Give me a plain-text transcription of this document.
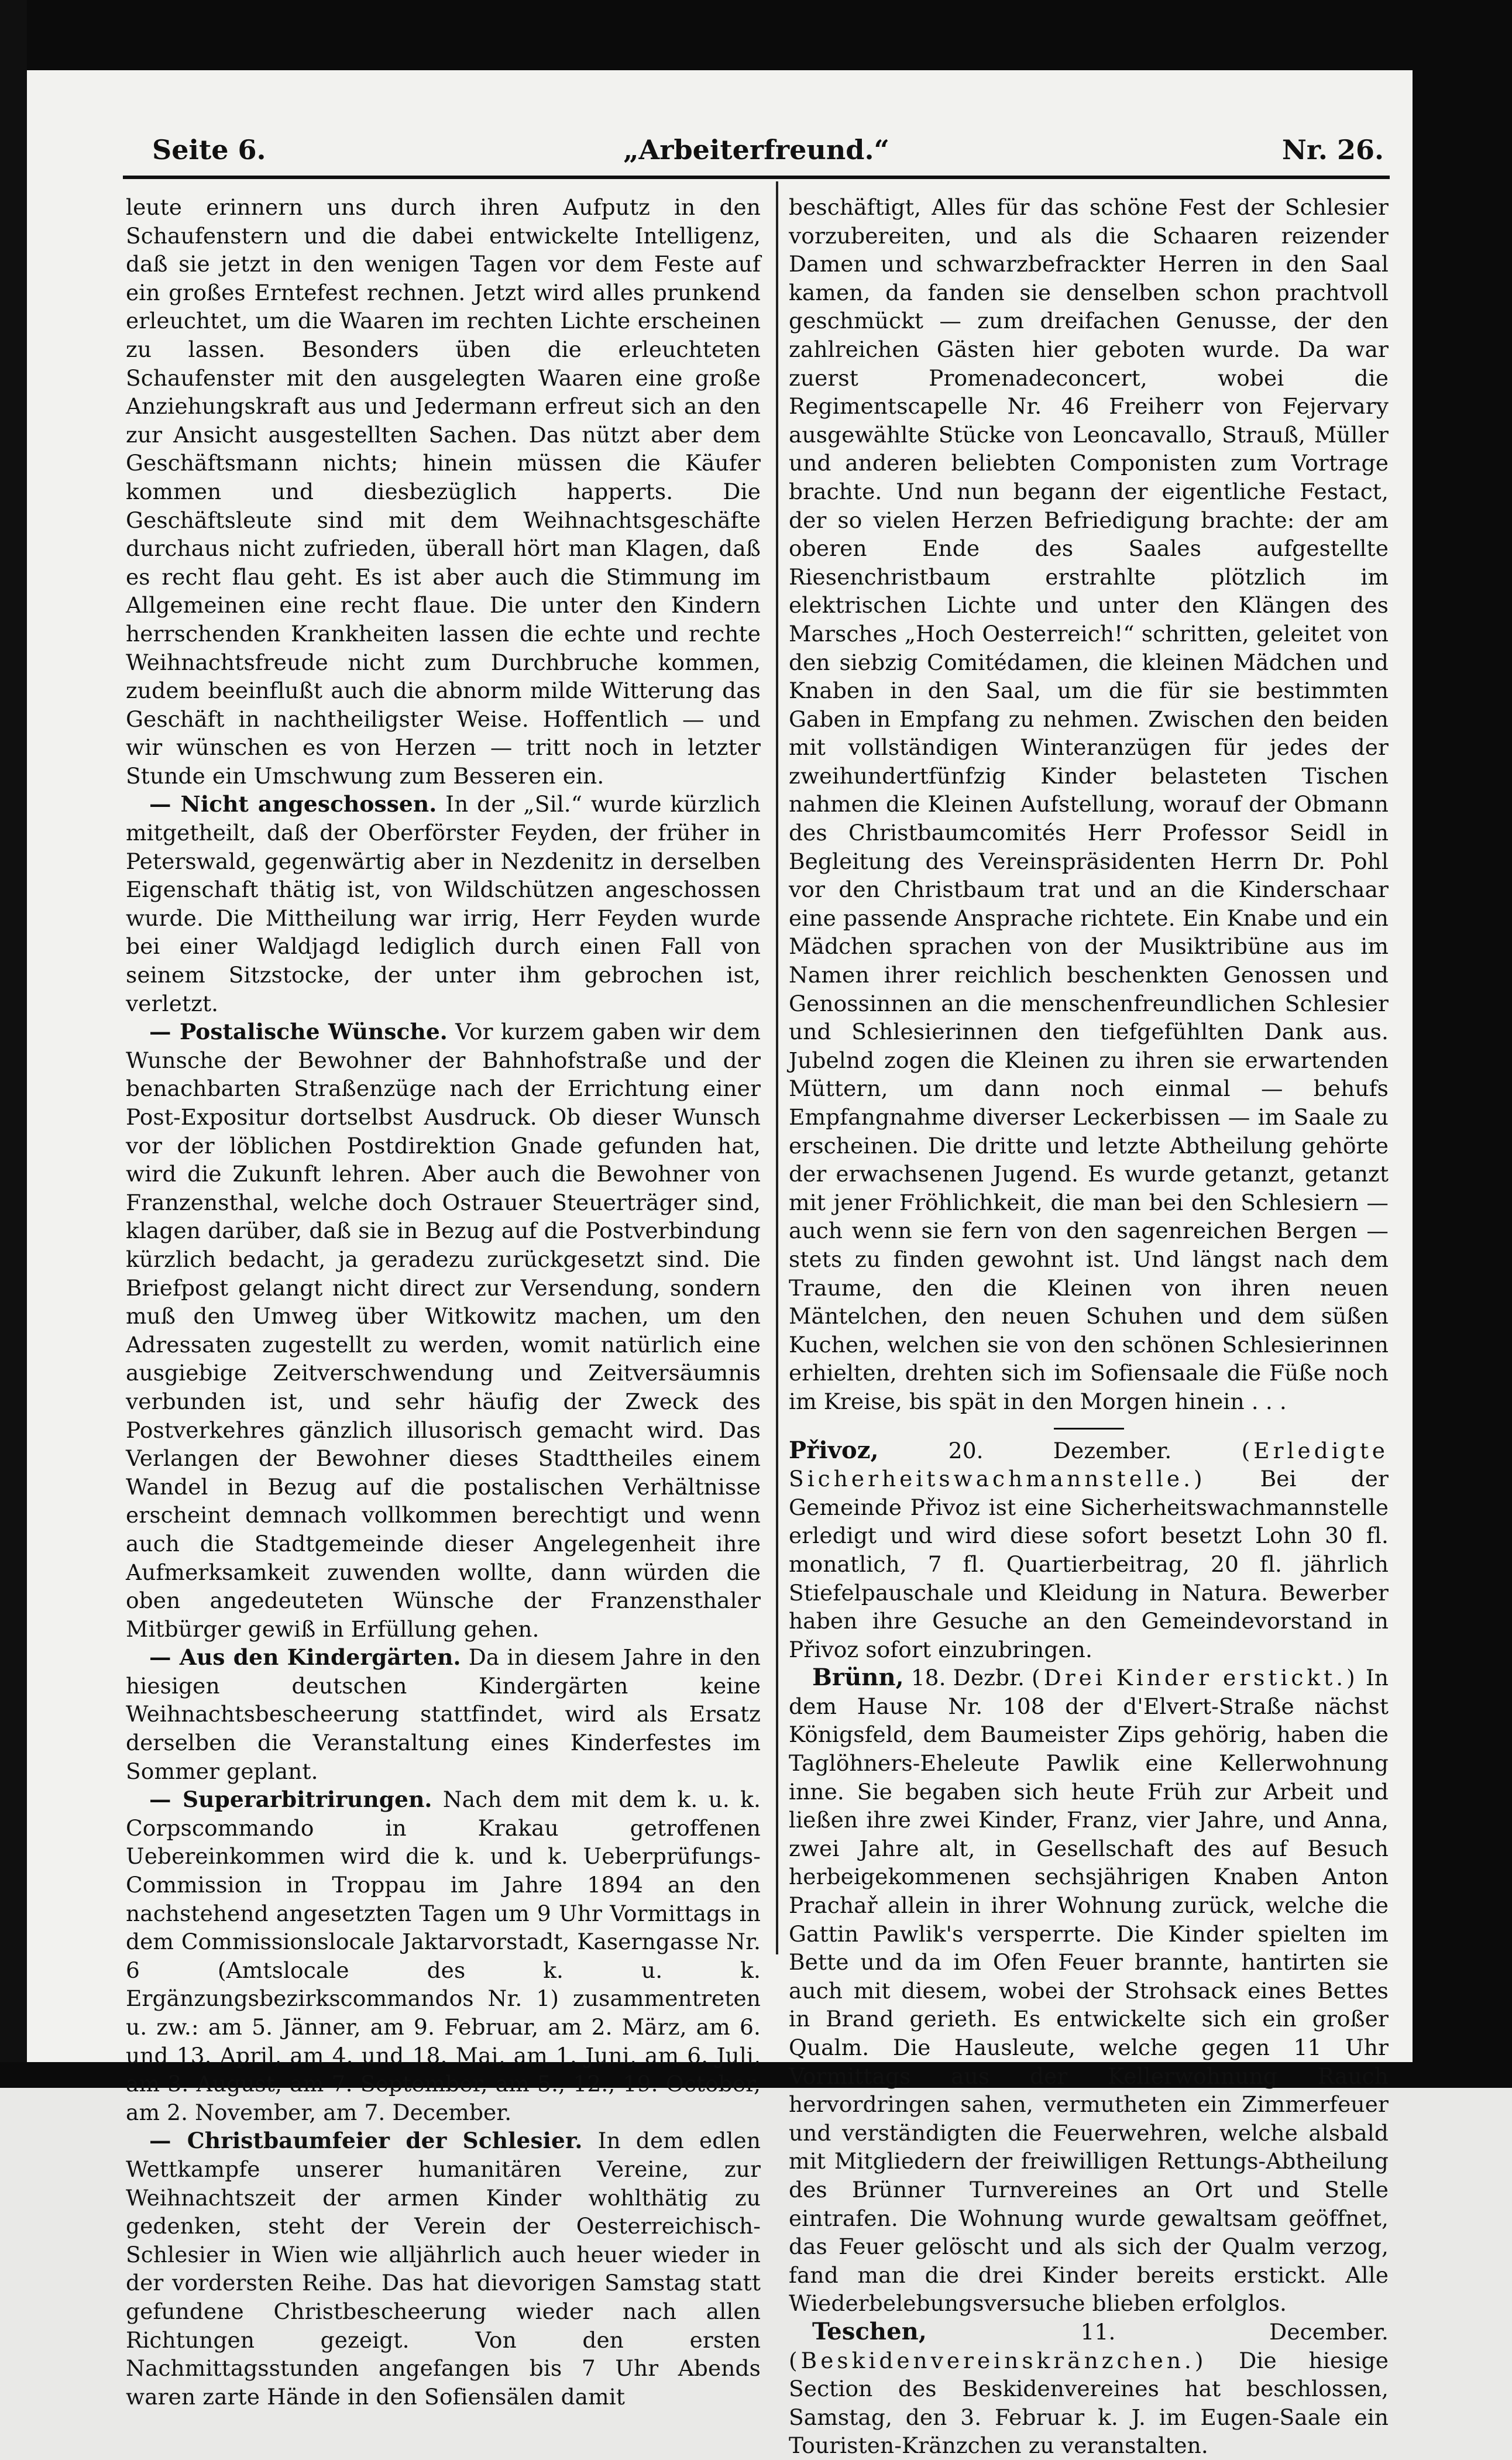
Seite 6.	„Arbeiterfreund.“	Nr. 26.

leute erinnern uns durch ihren Aufputz in den Schaufenstern und die dabei entwickelte Intelligenz, daß sie jetzt in den wenigen Tagen vor dem Feste auf ein großes Erntefest rechnen. Jetzt wird alles prunkend erleuchtet, um die Waaren im rechten Lichte erscheinen zu lassen. Besonders üben die erleuchteten Schaufenster mit den ausgelegten Waaren eine große Anziehungskraft aus und Jedermann erfreut sich an den zur Ansicht ausgestellten Sachen. Das nützt aber dem Geschäftsmann nichts; hinein müssen die Käufer kommen und diesbezüglich happerts. Die Geschäftsleute sind mit dem Weihnachtsgeschäfte durchaus nicht zufrieden, überall hört man Klagen, daß es recht flau geht. Es ist aber auch die Stimmung im Allgemeinen eine recht flaue. Die unter den Kindern herrschenden Krankheiten lassen die echte und rechte Weihnachtsfreude nicht zum Durchbruche kommen, zudem beeinflußt auch die abnorm milde Witterung das Geschäft in nachtheiligster Weise. Hoffentlich — und wir wünschen es von Herzen — tritt noch in letzter Stunde ein Umschwung zum Besseren ein.

— Nicht angeschossen. In der „Sil.“ wurde kürzlich mitgetheilt, daß der Oberförster Feyden, der früher in Peterswald, gegenwärtig aber in Nezdenitz in derselben Eigenschaft thätig ist, von Wildschützen angeschossen wurde. Die Mittheilung war irrig, Herr Feyden wurde bei einer Waldjagd lediglich durch einen Fall von seinem Sitzstocke, der unter ihm gebrochen ist, verletzt.

— Postalische Wünsche. Vor kurzem gaben wir dem Wunsche der Bewohner der Bahnhofstraße und der benachbarten Straßenzüge nach der Errichtung einer Post-Expositur dortselbst Ausdruck. Ob dieser Wunsch vor der löblichen Postdirektion Gnade gefunden hat, wird die Zukunft lehren. Aber auch die Bewohner von Franzensthal, welche doch Ostrauer Steuerträger sind, klagen darüber, daß sie in Bezug auf die Postverbindung kürzlich bedacht, ja geradezu zurückgesetzt sind. Die Briefpost gelangt nicht direct zur Versendung, sondern muß den Umweg über Witkowitz machen, um den Adressaten zugestellt zu werden, womit natürlich eine ausgiebige Zeitverschwendung und Zeitversäumnis verbunden ist, und sehr häufig der Zweck des Postverkehres gänzlich illusorisch gemacht wird. Das Verlangen der Bewohner dieses Stadttheiles einem Wandel in Bezug auf die postalischen Verhältnisse erscheint demnach vollkommen berechtigt und wenn auch die Stadtgemeinde dieser Angelegenheit ihre Aufmerksamkeit zuwenden wollte, dann würden die oben angedeuteten Wünsche der Franzensthaler Mitbürger gewiß in Erfüllung gehen.

— Aus den Kindergärten. Da in diesem Jahre in den hiesigen deutschen Kindergärten keine Weihnachtsbescheerung stattfindet, wird als Ersatz derselben die Veranstaltung eines Kinderfestes im Sommer geplant.

— Superarbitrirungen. Nach dem mit dem k. u. k. Corpscommando in Krakau getroffenen Uebereinkommen wird die k. und k. Ueberprüfungs-Commission in Troppau im Jahre 1894 an den nachstehend angesetzten Tagen um 9 Uhr Vormittags in dem Commissionslocale Jaktarvorstadt, Kaserngasse Nr. 6 (Amtslocale des k. u. k. Ergänzungsbezirkscommandos Nr. 1) zusammentreten u. zw.: am 5. Jänner, am 9. Februar, am 2. März, am 6. und 13. April, am 4. und 18. Mai, am 1. Juni, am 6. Juli, am 3. August, am 7. September, am 5., 12., 19. October, am 2. November, am 7. December.

— Christbaumfeier der Schlesier. In dem edlen Wettkampfe unserer humanitären Vereine, zur Weihnachtszeit der armen Kinder wohlthätig zu gedenken, steht der Verein der Oesterreichisch-Schlesier in Wien wie alljährlich auch heuer wieder in der vordersten Reihe. Das hat dievorigen Samstag statt gefundene Christbescheerung wieder nach allen Richtungen gezeigt. Von den ersten Nachmittagsstunden angefangen bis 7 Uhr Abends waren zarte Hände in den Sofiensälen damit

beschäftigt, Alles für das schöne Fest der Schlesier vorzubereiten, und als die Schaaren reizender Damen und schwarzbefrackter Herren in den Saal kamen, da fanden sie denselben schon prachtvoll geschmückt — zum dreifachen Genusse, der den zahlreichen Gästen hier geboten wurde. Da war zuerst Promenadeconcert, wobei die Regimentscapelle Nr. 46 Freiherr von Fejervary ausgewählte Stücke von Leoncavallo, Strauß, Müller und anderen beliebten Componisten zum Vortrage brachte. Und nun begann der eigentliche Festact, der so vielen Herzen Befriedigung brachte: der am oberen Ende des Saales aufgestellte Riesenchristbaum erstrahlte plötzlich im elektrischen Lichte und unter den Klängen des Marsches „Hoch Oesterreich!“ schritten, geleitet von den siebzig Comitédamen, die kleinen Mädchen und Knaben in den Saal, um die für sie bestimmten Gaben in Empfang zu nehmen. Zwischen den beiden mit vollständigen Winteranzügen für jedes der zweihundertfünfzig Kinder belasteten Tischen nahmen die Kleinen Aufstellung, worauf der Obmann des Christbaumcomités Herr Professor Seidl in Begleitung des Vereinspräsidenten Herrn Dr. Pohl vor den Christbaum trat und an die Kinderschaar eine passende Ansprache richtete. Ein Knabe und ein Mädchen sprachen von der Musiktribüne aus im Namen ihrer reichlich beschenkten Genossen und Genossinnen an die menschenfreundlichen Schlesier und Schlesierinnen den tiefgefühlten Dank aus. Jubelnd zogen die Kleinen zu ihren sie erwartenden Müttern, um dann noch einmal — behufs Empfangnahme diverser Leckerbissen — im Saale zu erscheinen. Die dritte und letzte Abtheilung gehörte der erwachsenen Jugend. Es wurde getanzt, getanzt mit jener Fröhlichkeit, die man bei den Schlesiern — auch wenn sie fern von den sagenreichen Bergen — stets zu finden gewohnt ist. Und längst nach dem Traume, den die Kleinen von ihren neuen Mäntelchen, den neuen Schuhen und dem süßen Kuchen, welchen sie von den schönen Schlesierinnen erhielten, drehten sich im Sofiensaale die Füße noch im Kreise, bis spät in den Morgen hinein . . .

Přivoz,	20. Dezember.	(Erledigte Sicherheitswachmannstelle.) Bei der Gemeinde Přivoz ist eine Sicherheitswachmannstelle erledigt und wird diese sofort besetzt Lohn 30 fl. monatlich, 7 fl. Quartierbeitrag, 20 fl. jährlich Stiefelpauschale und Kleidung in Natura. Bewerber haben ihre Gesuche an den Gemeindevorstand in Přivoz sofort einzubringen.

Brünn, 18. Dezbr. (Drei Kinder erstickt.) In dem Hause Nr. 108 der d'Elvert-Straße nächst Königsfeld, dem Baumeister Zips gehörig, haben die Taglöhners-Eheleute Pawlik eine Kellerwohnung inne. Sie begaben sich heute Früh zur Arbeit und ließen ihre zwei Kinder, Franz, vier Jahre, und Anna, zwei Jahre alt, in Gesellschaft des auf Besuch herbeigekommenen sechsjährigen Knaben Anton Prachař allein in ihrer Wohnung zurück, welche die Gattin Pawlik's versperrte. Die Kinder spielten im Bette und da im Ofen Feuer brannte, hantirten sie auch mit diesem, wobei der Strohsack eines Bettes in Brand gerieth. Es entwickelte sich ein großer Qualm. Die Hausleute, welche gegen 11 Uhr Vormittags aus der Kellerwohnung Rauch hervordringen sahen, vermutheten ein Zimmerfeuer und verständigten die Feuerwehren, welche alsbald mit Mitgliedern der freiwilligen Rettungs-Abtheilung des Brünner Turnvereines an Ort und Stelle eintrafen. Die Wohnung wurde gewaltsam geöffnet, das Feuer gelöscht und als sich der Qualm verzog, fand man die drei Kinder bereits erstickt. Alle Wiederbelebungsversuche blieben erfolglos.

Teschen,	11. December. (Beskidenvereinskränzchen.) Die hiesige Section des Beskidenvereines hat beschlossen, Samstag, den 3. Februar k. J. im Eugen-Saale ein Touristen-Kränzchen zu veranstalten.
